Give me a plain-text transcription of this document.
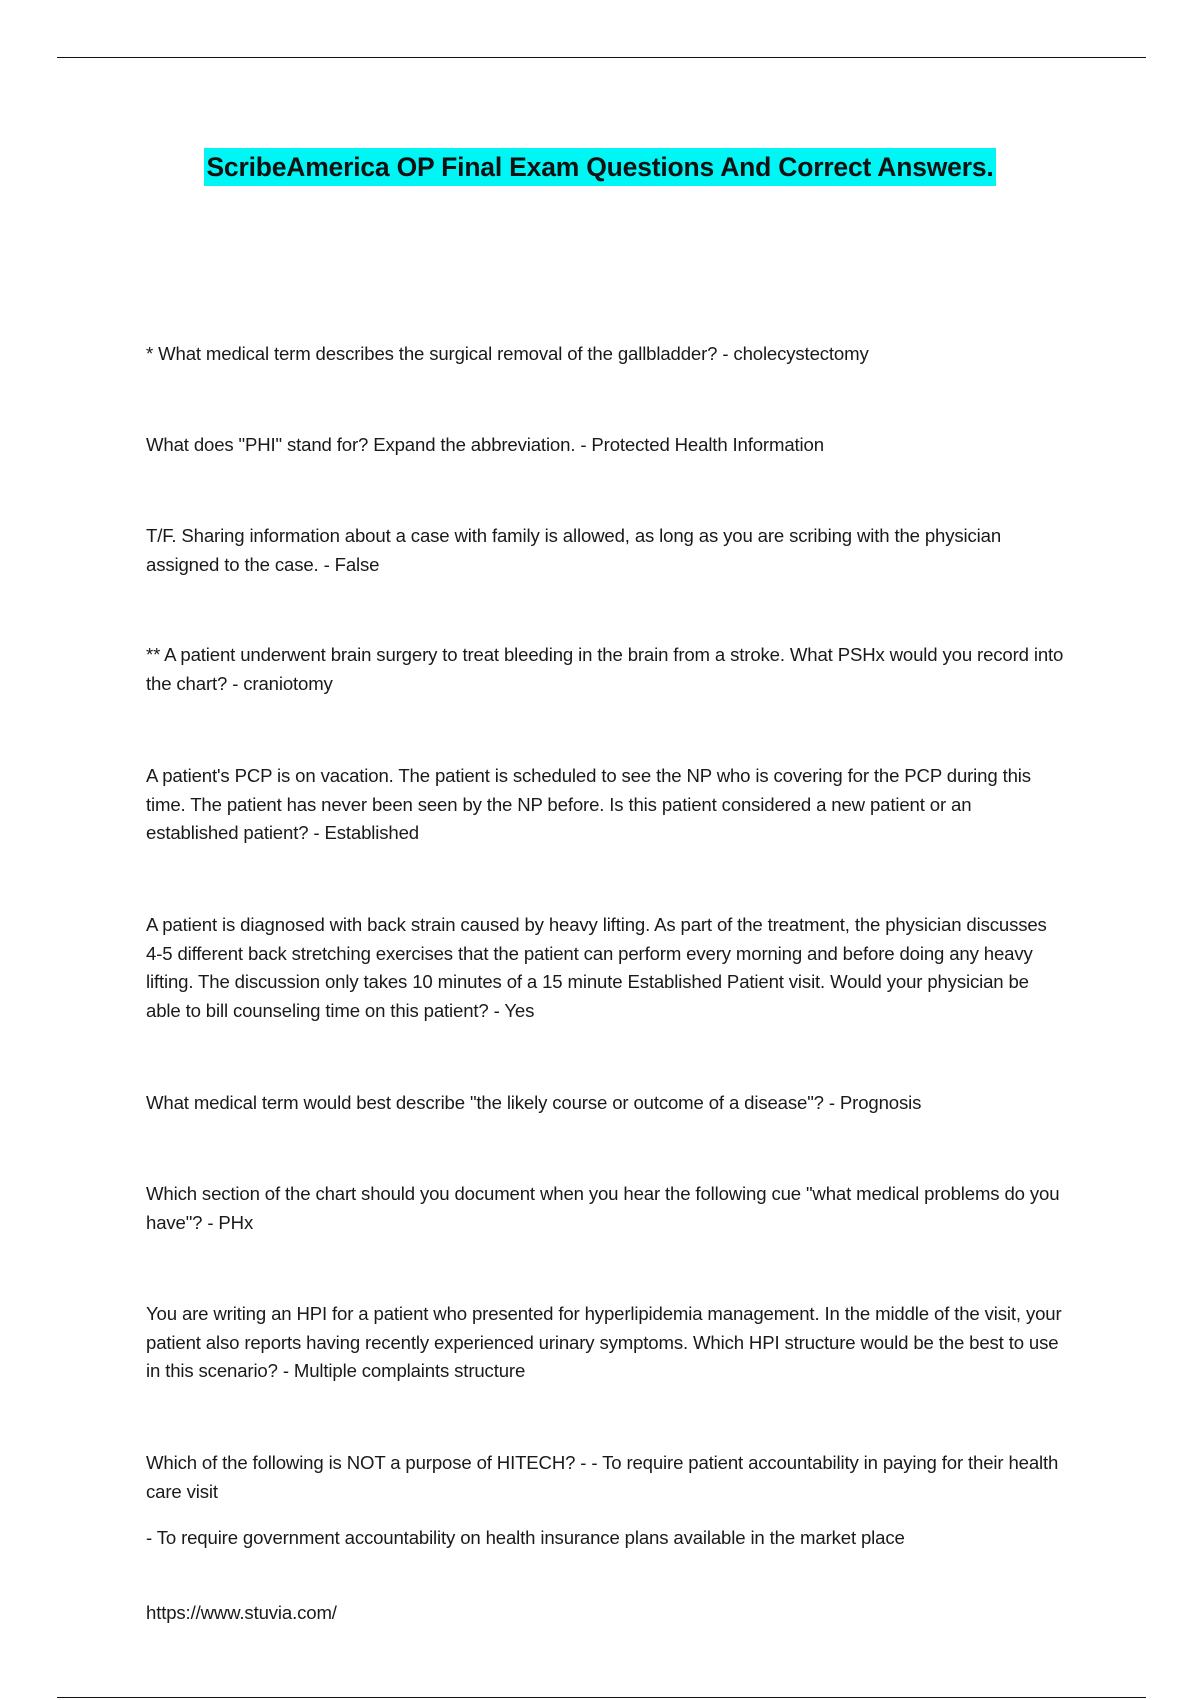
ScribeAmerica OP Final Exam Questions And Correct Answers.

* What medical term describes the surgical removal of the gallbladder? - cholecystectomy

What does "PHI" stand for? Expand the abbreviation. - Protected Health Information

T/F. Sharing information about a case with family is allowed, as long as you are scribing with the physician assigned to the case. - False

** A patient underwent brain surgery to treat bleeding in the brain from a stroke. What PSHx would you record into the chart? - craniotomy

A patient's PCP is on vacation. The patient is scheduled to see the NP who is covering for the PCP during this time. The patient has never been seen by the NP before. Is this patient considered a new patient or an established patient? - Established

A patient is diagnosed with back strain caused by heavy lifting. As part of the treatment, the physician discusses 4-5 different back stretching exercises that the patient can perform every morning and before doing any heavy lifting. The discussion only takes 10 minutes of a 15 minute Established Patient visit. Would your physician be able to bill counseling time on this patient? - Yes

What medical term would best describe "the likely course or outcome of a disease"? - Prognosis

Which section of the chart should you document when you hear the following cue "what medical problems do you have"? - PHx

You are writing an HPI for a patient who presented for hyperlipidemia management. In the middle of the visit, your patient also reports having recently experienced urinary symptoms. Which HPI structure would be the best to use in this scenario? - Multiple complaints structure

Which of the following is NOT a purpose of HITECH? - - To require patient accountability in paying for their health care visit

- To require government accountability on health insurance plans available in the market place

https://www.stuvia.com/
